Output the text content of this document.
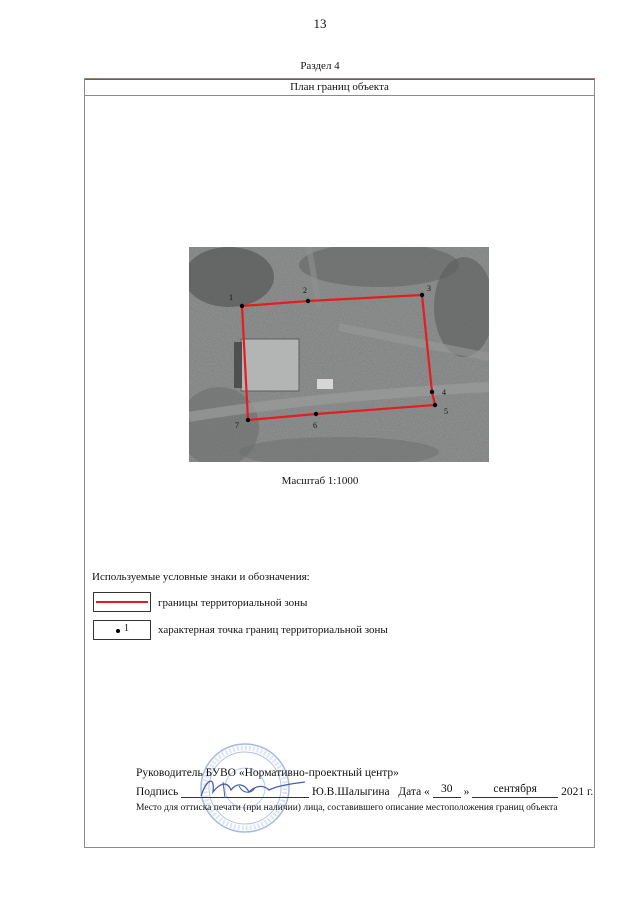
13
Раздел 4
План границ объекта
1
2	3
4
5
6
7
Масштаб 1:1000
Используемые условные знаки и обозначения:
границы территориальной зоны
1	характерная точка границ территориальной зоны
Руководитель БУВО «Нормативно-проектный центр»
Подпись	Ю.В.Шалыгина Дата « 30 » сентября 2021 г.
Место для оттиска печати (при наличии) лица, составившего описание местоположения границ объекта
